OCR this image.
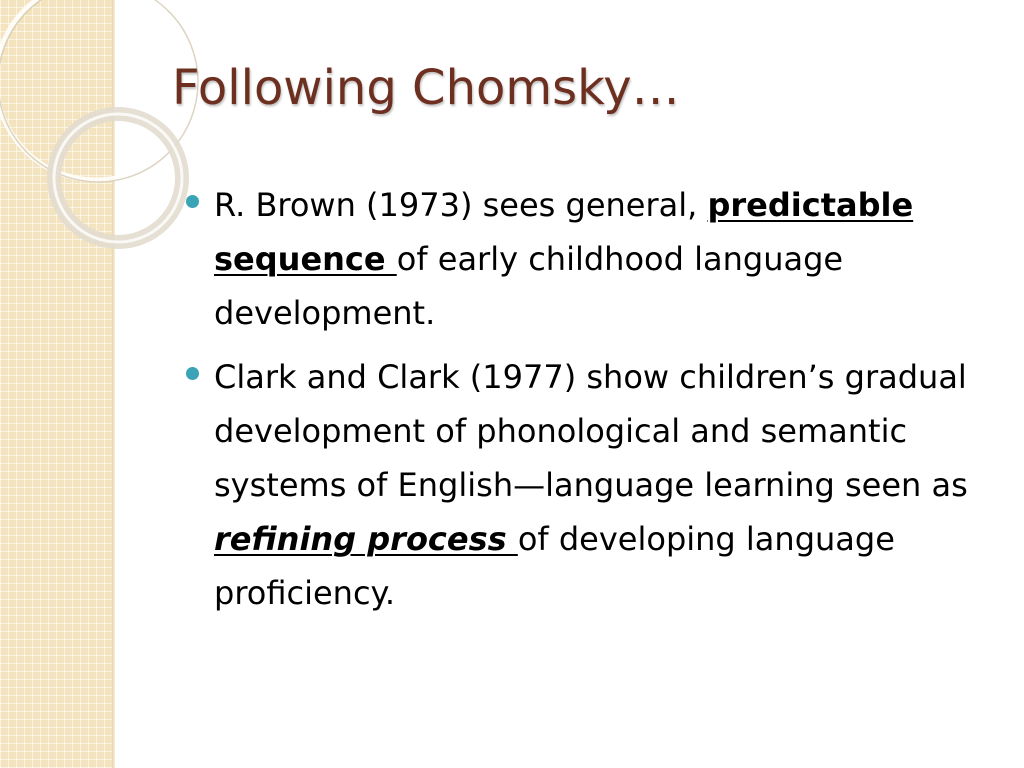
Following Chomsky…
R. Brown (1973) sees general, predictable sequence of early childhood language development.
Clark and Clark (1977) show children’s gradual development of phonological and semantic systems of English—language learning seen as refining process of developing language proficiency.
